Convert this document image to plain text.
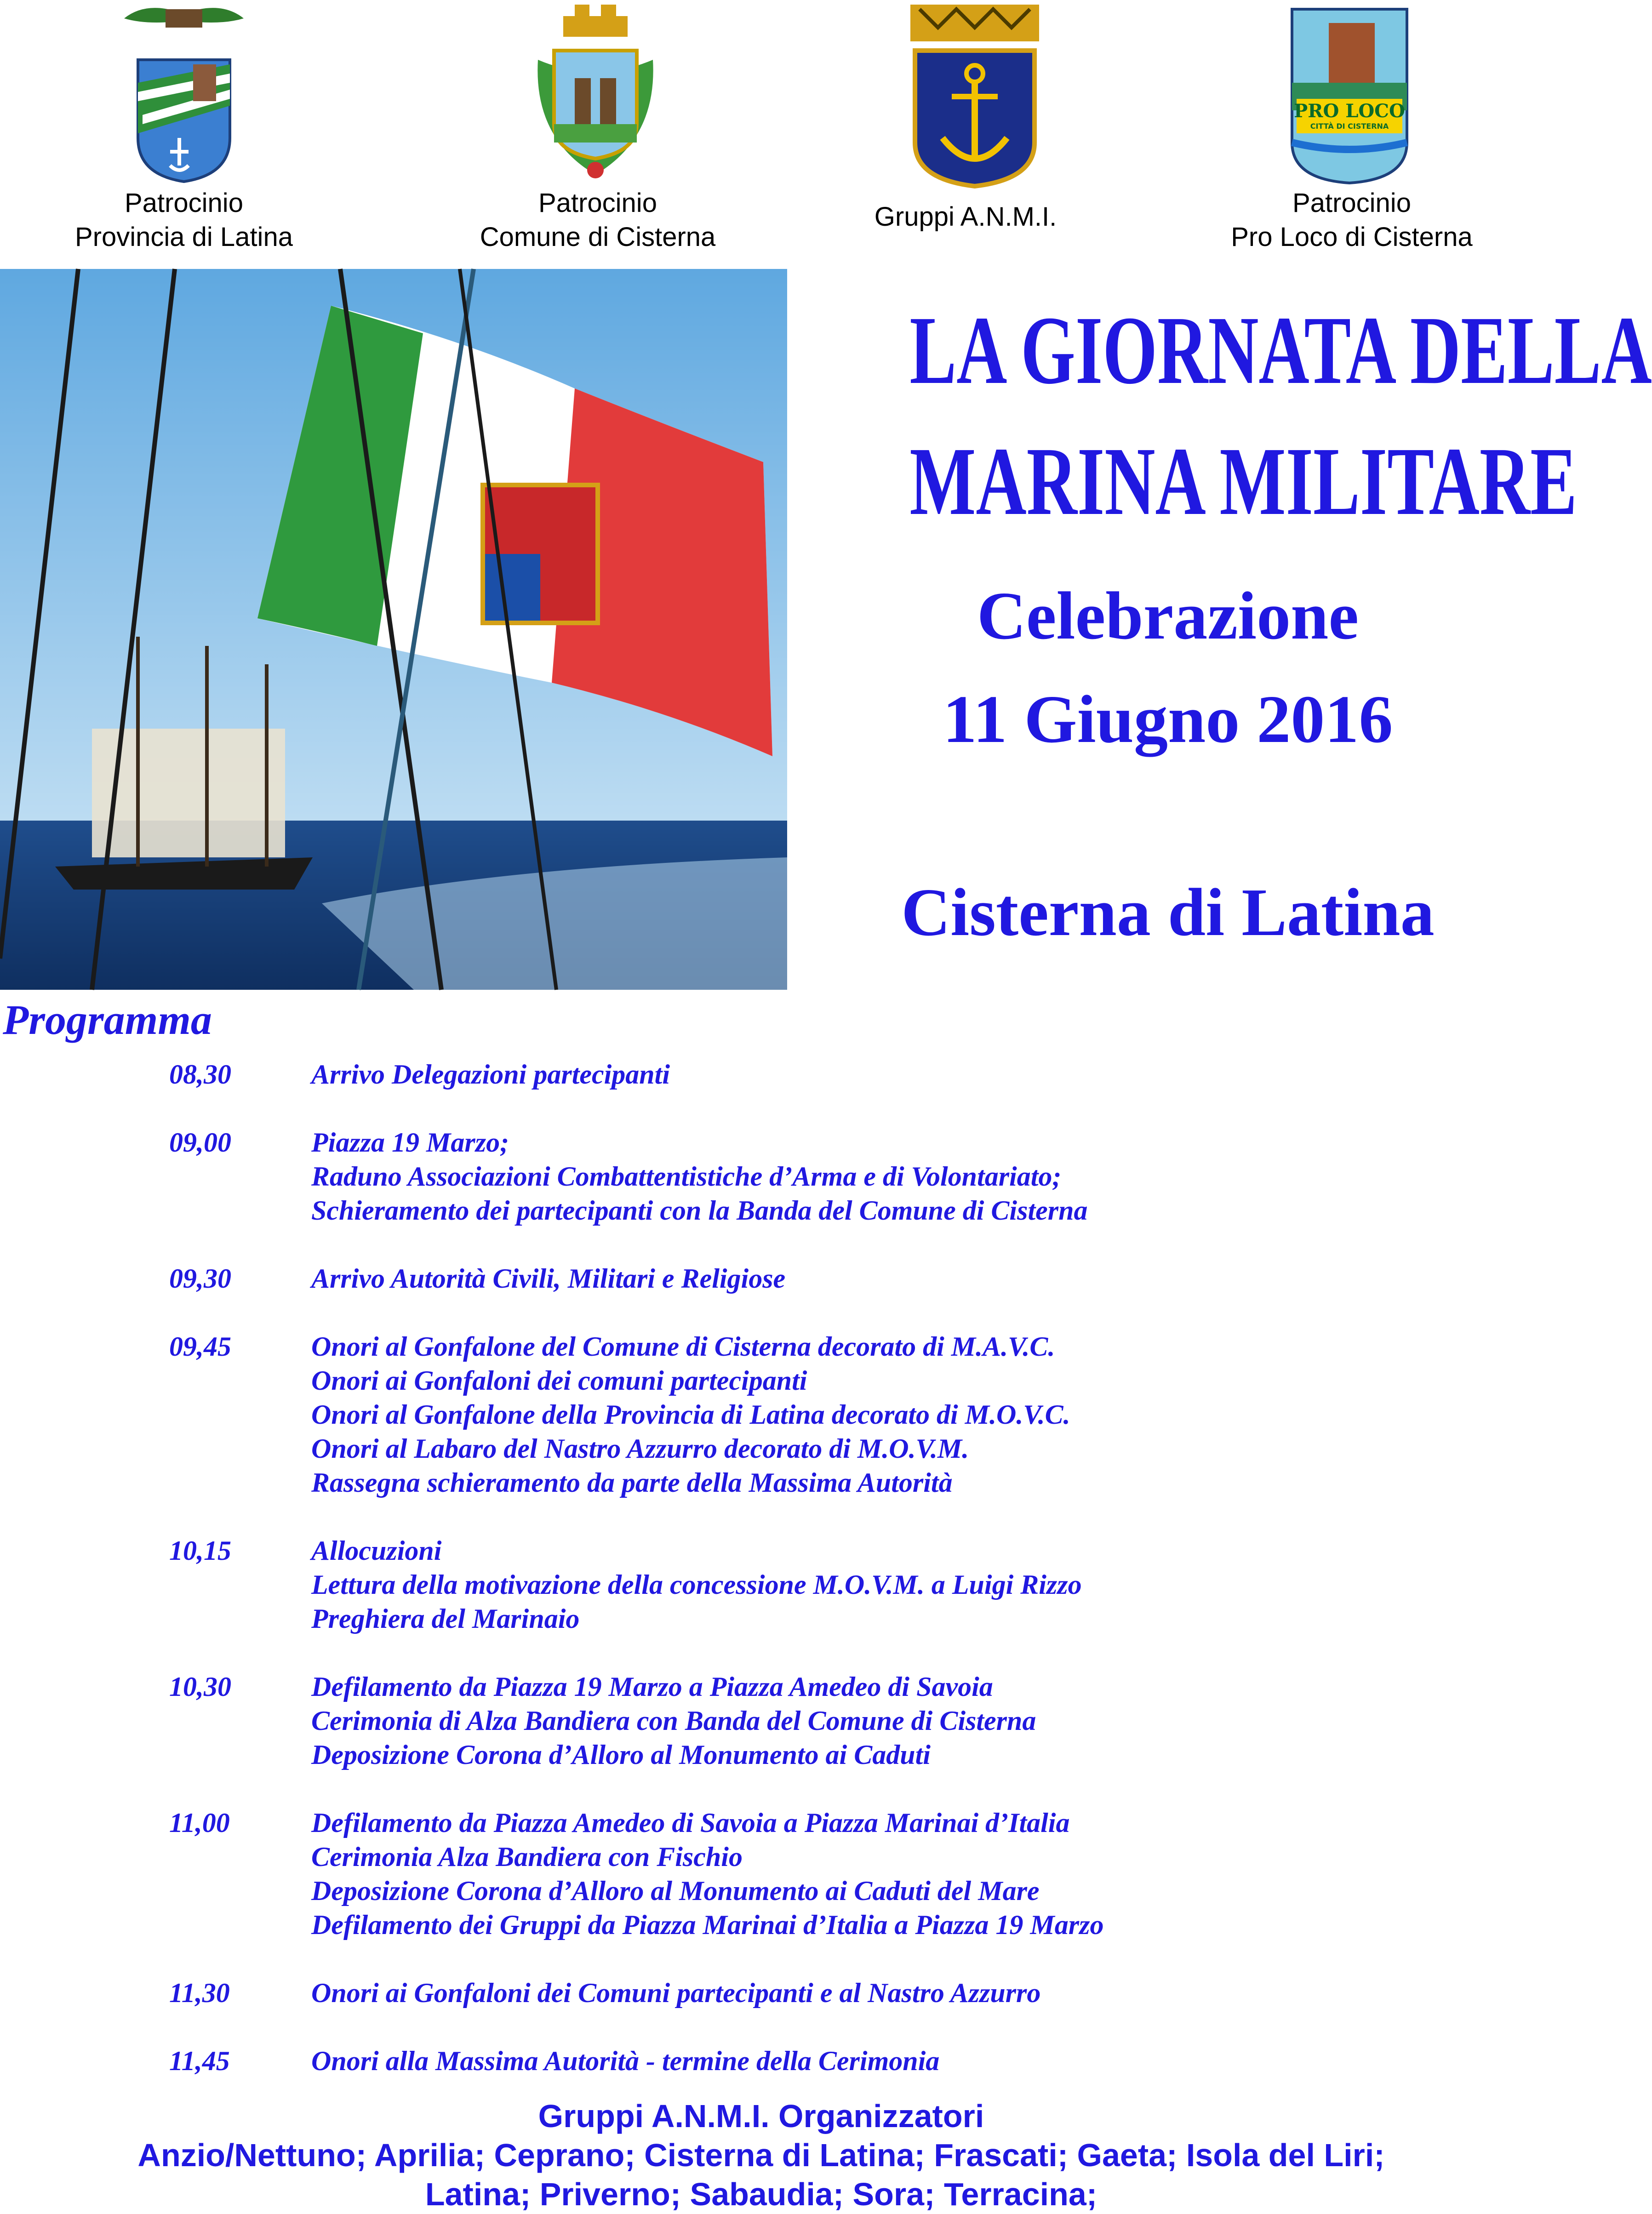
Patrocinio
Provincia di Latina
Patrocinio
Comune di Cisterna
Gruppi A.N.M.I.
PRO LOCO
CITTÀ DI CISTERNA
Patrocinio
Pro Loco di Cisterna
LA GIORNATA DELLA
MARINA MILITARE
Celebrazione
11 Giugno 2016
Cisterna di Latina
Programma
08,30	Arrivo Delegazioni partecipanti
09,00	Piazza 19 Marzo;
Raduno Associazioni Combattentistiche d’Arma e di Volontariato;
Schieramento dei partecipanti con la Banda del Comune di Cisterna
09,30	Arrivo Autorità Civili, Militari e Religiose
09,45	Onori al Gonfalone del Comune di Cisterna decorato di M.A.V.C.
Onori ai Gonfaloni dei comuni partecipanti
Onori al Gonfalone della Provincia di Latina decorato di M.O.V.C.
Onori al Labaro del Nastro Azzurro decorato di M.O.V.M.
Rassegna schieramento da parte della Massima Autorità
10,15	Allocuzioni
Lettura della motivazione della concessione M.O.V.M. a Luigi Rizzo
Preghiera del Marinaio
10,30	Defilamento da Piazza 19 Marzo a Piazza Amedeo di Savoia
Cerimonia di Alza Bandiera con Banda del Comune di Cisterna
Deposizione Corona d’Alloro al Monumento ai Caduti
11,00	Defilamento da Piazza Amedeo di Savoia a Piazza Marinai d’Italia
Cerimonia Alza Bandiera con Fischio
Deposizione Corona d’Alloro al Monumento ai Caduti del Mare
Defilamento dei Gruppi da Piazza Marinai d’Italia a Piazza 19 Marzo
11,30	Onori ai Gonfaloni dei Comuni partecipanti e al Nastro Azzurro
11,45	Onori alla Massima Autorità - termine della Cerimonia
Gruppi A.N.M.I. Organizzatori
Anzio/Nettuno; Aprilia; Ceprano; Cisterna di Latina; Frascati; Gaeta; Isola del Liri;
Latina; Priverno; Sabaudia; Sora; Terracina;
